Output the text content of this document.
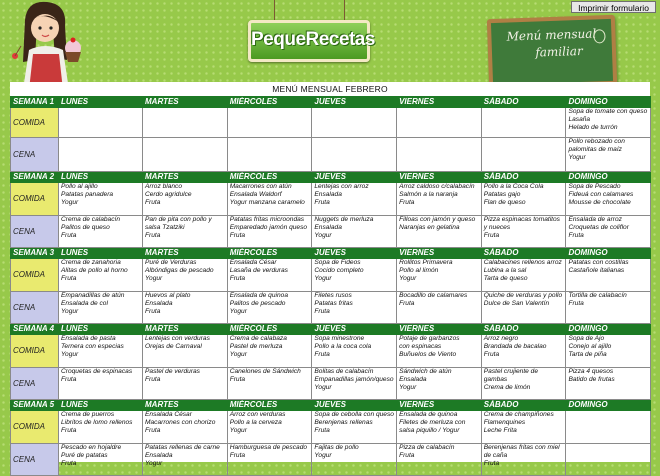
Imprimir formulario
PequeRecetas	Menú mensual
familiar
MENÚ MENSUAL FEBRERO
SEMANA 1	LUNES	MARTES	MIÉRCOLES	JUEVES	VIERNES	SÁBADO	DOMINGO
COMIDA							Sopa de tomate con queso
Lasaña
Helado de turrón

CENA							Pollo rebozado con
palomitas de maíz
Yogur

SEMANA 2	LUNES	MARTES	MIÉRCOLES	JUEVES	VIERNES	SÁBADO	DOMINGO
COMIDA	Pollo al ajillo
Patatas panadera
Yogur	Arroz blanco
Cerdo agridulce
Fruta	Macarrones con atún
Ensalada Waldorf
Yogur manzana caramelo	Lentejas con arroz
Ensalada
Fruta	Arroz caldoso c/calabacín
Salmón a la naranja
Fruta	Pollo a la Coca Cola
Patatas gajo
Flan de queso	Sopa de Pescado
Fideuá con calamares
Mousse de chocolate

CENA	Crema de calabacín
Palitos de queso
Fruta	Pan de pita con pollo y
salsa Tzatziki
Fruta	Patatas fritas microondas
Emparedado jamón queso
Fruta	Nuggets de merluza
Ensalada
Yogur	Filloas con jamón y queso
Naranjas en gelatina	Pizza espinacas tomatitos
y nueces
Fruta	Ensalada de arroz
Croquetas de coliflor
Fruta

SEMANA 3	LUNES	MARTES	MIÉRCOLES	JUEVES	VIERNES	SÁBADO	DOMINGO
COMIDA	Crema de zanahoria
Alitas de pollo al horno
Fruta	Puré de Verduras
Albóndigas de pescado
Yogur	Ensalada César
Lasaña de verduras
Fruta	Sopa de Fideos
Cocido completo
Yogur	Rollitos Primavera
Pollo al limón
Yogur	Calabacines rellenos arroz
Lubina a la sal
Tarta de queso	Patatas con costillas
Castañole italianas

CENA	Empanadillas de atún
Ensalada de col
Yogur	Huevos al plato
Ensalada
Fruta	Ensalada de quinoa
Palitos de pescado
Yogur	Filetes rusos
Patatas fritas
Fruta	Bocadillo de calamares
Fruta	Quiche de verduras y pollo
Dulce de San Valentín	Tortilla de calabacín
Fruta

SEMANA 4	LUNES	MARTES	MIÉRCOLES	JUEVES	VIERNES	SÁBADO	DOMINGO
COMIDA	Ensalada de pasta
Ternera con especias
Yogur	Lentejas con verduras
Orejas de Carnaval	Crema de calabaza
Pastel de merluza
Yogur	Sopa minestrone
Pollo a la coca cola
Fruta	Potaje de garbanzos
con espinacas
Buñuelos de Viento	Arroz negro
Brandada de bacalao
Fruta	Sopa de Ajo
Conejo al ajillo
Tarta de piña

CENA	Croquetas de espinacas
Fruta	Pastel de verduras
Fruta	Canelones de Sándwich
Fruta	Bolitas de calabacín
Empanadillas jamón/queso
Yogur	Sándwich de atún
Ensalada
Yogur	Pastel crujiente de
gambas
Crema de limón	Pizza 4 quesos
Batido de frutas

SEMANA 5	LUNES	MARTES	MIÉRCOLES	JUEVES	VIERNES	SÁBADO	DOMINGO
COMIDA	Crema de puerros
Libritos de lomo rellenos
Fruta	Ensalada César
Macarrones con chorizo
Fruta	Arroz con verduras
Pollo a la cerveza
Yogur	Sopa de cebolla con queso
Berenjenas rellenas
Fruta	Ensalada de quinoa
Filetes de merluza con
salsa piquillo / Yogur	Crema de champiñones
Flamenquines
Leche Frita	

CENA	Pescado en hojaldre
Puré de patatas
Fruta	Patatas rellenas de carne
Ensalada
Yogur	Hamburguesa de pescado
Fruta	Fajitas de pollo
Yogur	Pizza de calabacín
Fruta	Berenjenas fritas con miel
de caña
Fruta	
